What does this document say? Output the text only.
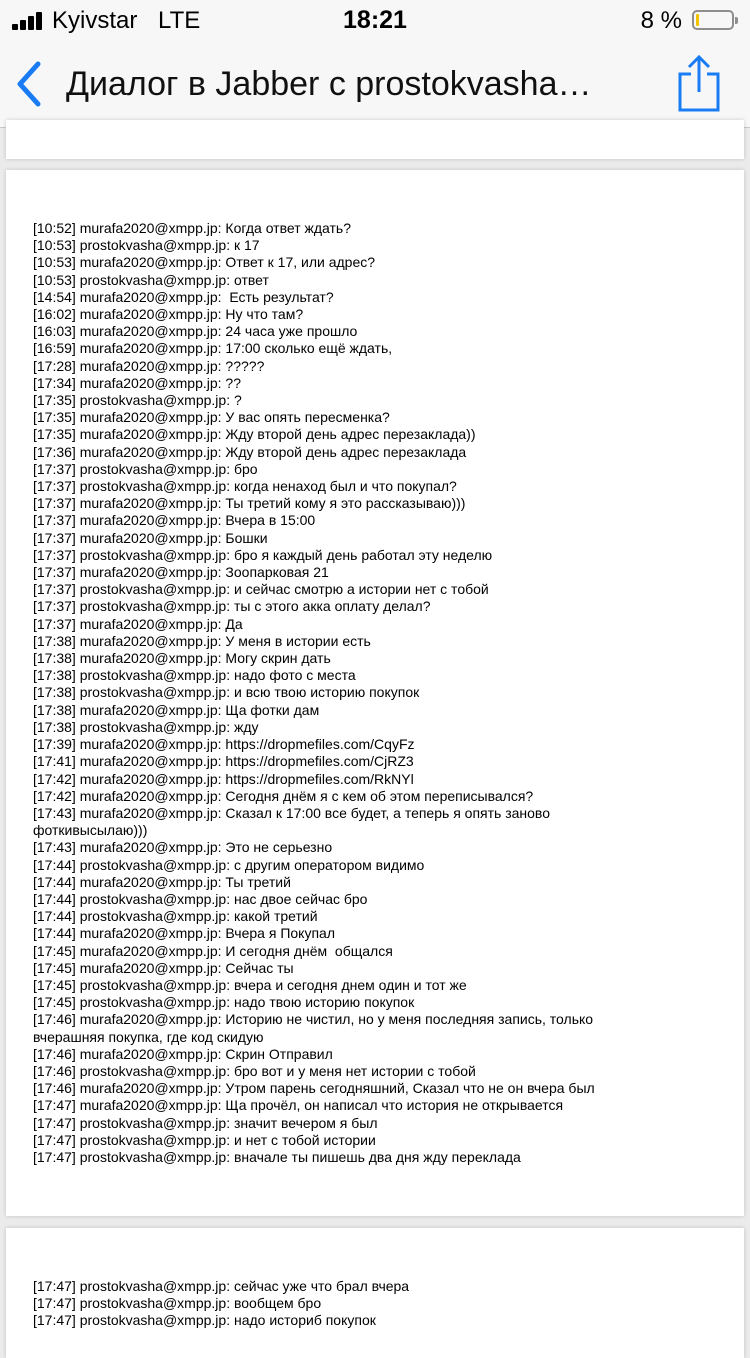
Kyivstar LTE	18:21	8 %
Диалог в Jabber с prostokvasha…
[10:52] murafa2020@xmpp.jp: Когда ответ ждать?
[10:53] prostokvasha@xmpp.jp: к 17
[10:53] murafa2020@xmpp.jp: Ответ к 17, или адрес?
[10:53] prostokvasha@xmpp.jp: ответ
[14:54] murafa2020@xmpp.jp:  Есть результат?
[16:02] murafa2020@xmpp.jp: Ну что там?
[16:03] murafa2020@xmpp.jp: 24 часа уже прошло
[16:59] murafa2020@xmpp.jp: 17:00 сколько ещё ждать,
[17:28] murafa2020@xmpp.jp: ?????
[17:34] murafa2020@xmpp.jp: ??
[17:35] prostokvasha@xmpp.jp: ?
[17:35] murafa2020@xmpp.jp: У вас опять пересменка?
[17:35] murafa2020@xmpp.jp: Жду второй день адрес перезаклада))
[17:36] murafa2020@xmpp.jp: Жду второй день адрес перезаклада
[17:37] prostokvasha@xmpp.jp: бро
[17:37] prostokvasha@xmpp.jp: когда ненаход был и что покупал?
[17:37] murafa2020@xmpp.jp: Ты третий кому я это рассказываю)))
[17:37] murafa2020@xmpp.jp: Вчера в 15:00
[17:37] murafa2020@xmpp.jp: Бошки
[17:37] prostokvasha@xmpp.jp: бро я каждый день работал эту неделю
[17:37] murafa2020@xmpp.jp: Зоопарковая 21
[17:37] prostokvasha@xmpp.jp: и сейчас смотрю а истории нет с тобой
[17:37] prostokvasha@xmpp.jp: ты с этого акка оплату делал?
[17:37] murafa2020@xmpp.jp: Да
[17:38] murafa2020@xmpp.jp: У меня в истории есть
[17:38] murafa2020@xmpp.jp: Могу скрин дать
[17:38] prostokvasha@xmpp.jp: надо фото с места
[17:38] prostokvasha@xmpp.jp: и всю твою историю покупок
[17:38] murafa2020@xmpp.jp: Ща фотки дам
[17:38] prostokvasha@xmpp.jp: жду
[17:39] murafa2020@xmpp.jp: https://dropmefiles.com/CqyFz
[17:41] murafa2020@xmpp.jp: https://dropmefiles.com/CjRZ3
[17:42] murafa2020@xmpp.jp: https://dropmefiles.com/RkNYl
[17:42] murafa2020@xmpp.jp: Сегодня днём я с кем об этом переписывался?
[17:43] murafa2020@xmpp.jp: Сказал к 17:00 все будет, а теперь я опять заново
фоткивысылаю)))
[17:43] murafa2020@xmpp.jp: Это не серьезно
[17:44] prostokvasha@xmpp.jp: с другим оператором видимо
[17:44] murafa2020@xmpp.jp: Ты третий
[17:44] prostokvasha@xmpp.jp: нас двое сейчас бро
[17:44] prostokvasha@xmpp.jp: какой третий
[17:44] murafa2020@xmpp.jp: Вчера я Покупал
[17:45] murafa2020@xmpp.jp: И сегодня днём  общался
[17:45] murafa2020@xmpp.jp: Сейчас ты
[17:45] prostokvasha@xmpp.jp: вчера и сегодня днем один и тот же
[17:45] prostokvasha@xmpp.jp: надо твою историю покупок
[17:46] murafa2020@xmpp.jp: Историю не чистил, но у меня последняя запись, только
вчерашняя покупка, где код скидую
[17:46] murafa2020@xmpp.jp: Скрин Отправил
[17:46] prostokvasha@xmpp.jp: бро вот и у меня нет истории с тобой
[17:46] murafa2020@xmpp.jp: Утром парень сегодняшний, Сказал что не он вчера был
[17:47] murafa2020@xmpp.jp: Ща прочёл, он написал что история не открывается
[17:47] prostokvasha@xmpp.jp: значит вечером я был
[17:47] prostokvasha@xmpp.jp: и нет с тобой истории
[17:47] prostokvasha@xmpp.jp: вначале ты пишешь два дня жду переклада
[17:47] prostokvasha@xmpp.jp: сейчас уже что брал вчера
[17:47] prostokvasha@xmpp.jp: вообщем бро
[17:47] prostokvasha@xmpp.jp: надо историб покупок
